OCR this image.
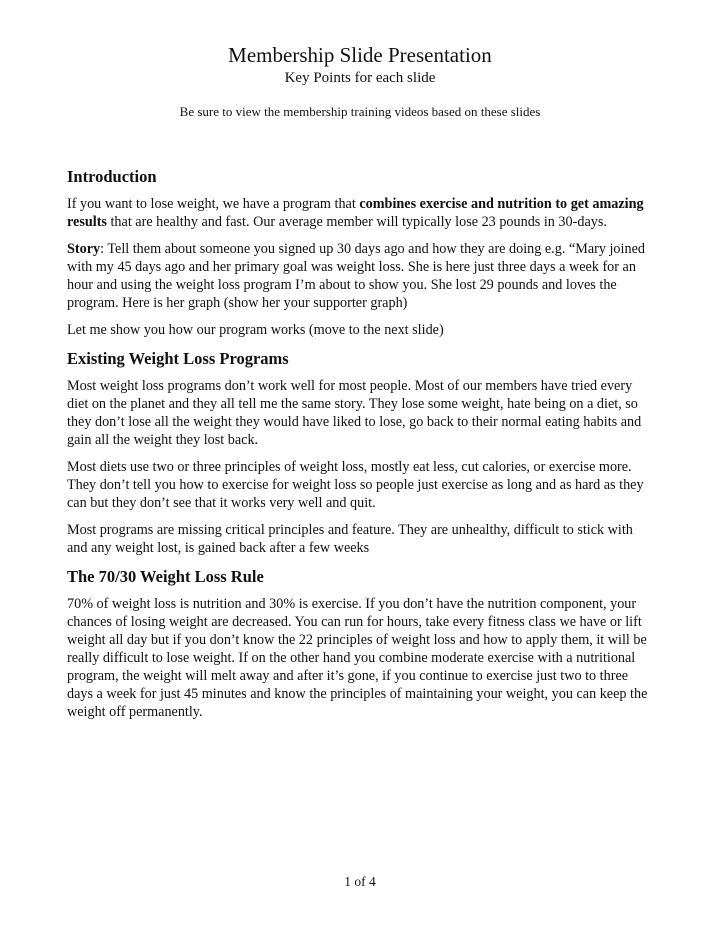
Membership Slide Presentation
Key Points for each slide
Be sure to view the membership training videos based on these slides
Introduction

If you want to lose weight, we have a program that combines exercise and nutrition to get amazing results that are healthy and fast. Our average member will typically lose 23 pounds in 30-days.

Story: Tell them about someone you signed up 30 days ago and how they are doing e.g. “Mary joined with my 45 days ago and her primary goal was weight loss. She is here just three days a week for an hour and using the weight loss program I’m about to show you. She lost 29 pounds and loves the program. Here is her graph (show her your supporter graph)

Let me show you how our program works (move to the next slide)

Existing Weight Loss Programs

Most weight loss programs don’t work well for most people. Most of our members have tried every diet on the planet and they all tell me the same story. They lose some weight, hate being on a diet, so they don’t lose all the weight they would have liked to lose, go back to their normal eating habits and gain all the weight they lost back.

Most diets use two or three principles of weight loss, mostly eat less, cut calories, or exercise more. They don’t tell you how to exercise for weight loss so people just exercise as long and as hard as they can but they don’t see that it works very well and quit.

Most programs are missing critical principles and feature. They are unhealthy, difficult to stick with and any weight lost, is gained back after a few weeks

The 70/30 Weight Loss Rule

70% of weight loss is nutrition and 30% is exercise. If you don’t have the nutrition component, your chances of losing weight are decreased. You can run for hours, take every fitness class we have or lift weight all day but if you don’t know the 22 principles of weight loss and how to apply them, it will be really difficult to lose weight. If on the other hand you combine moderate exercise with a nutritional program, the weight will melt away and after it’s gone, if you continue to exercise just two to three days a week for just 45 minutes and know the principles of maintaining your weight, you can keep the weight off permanently.

1 of 4
